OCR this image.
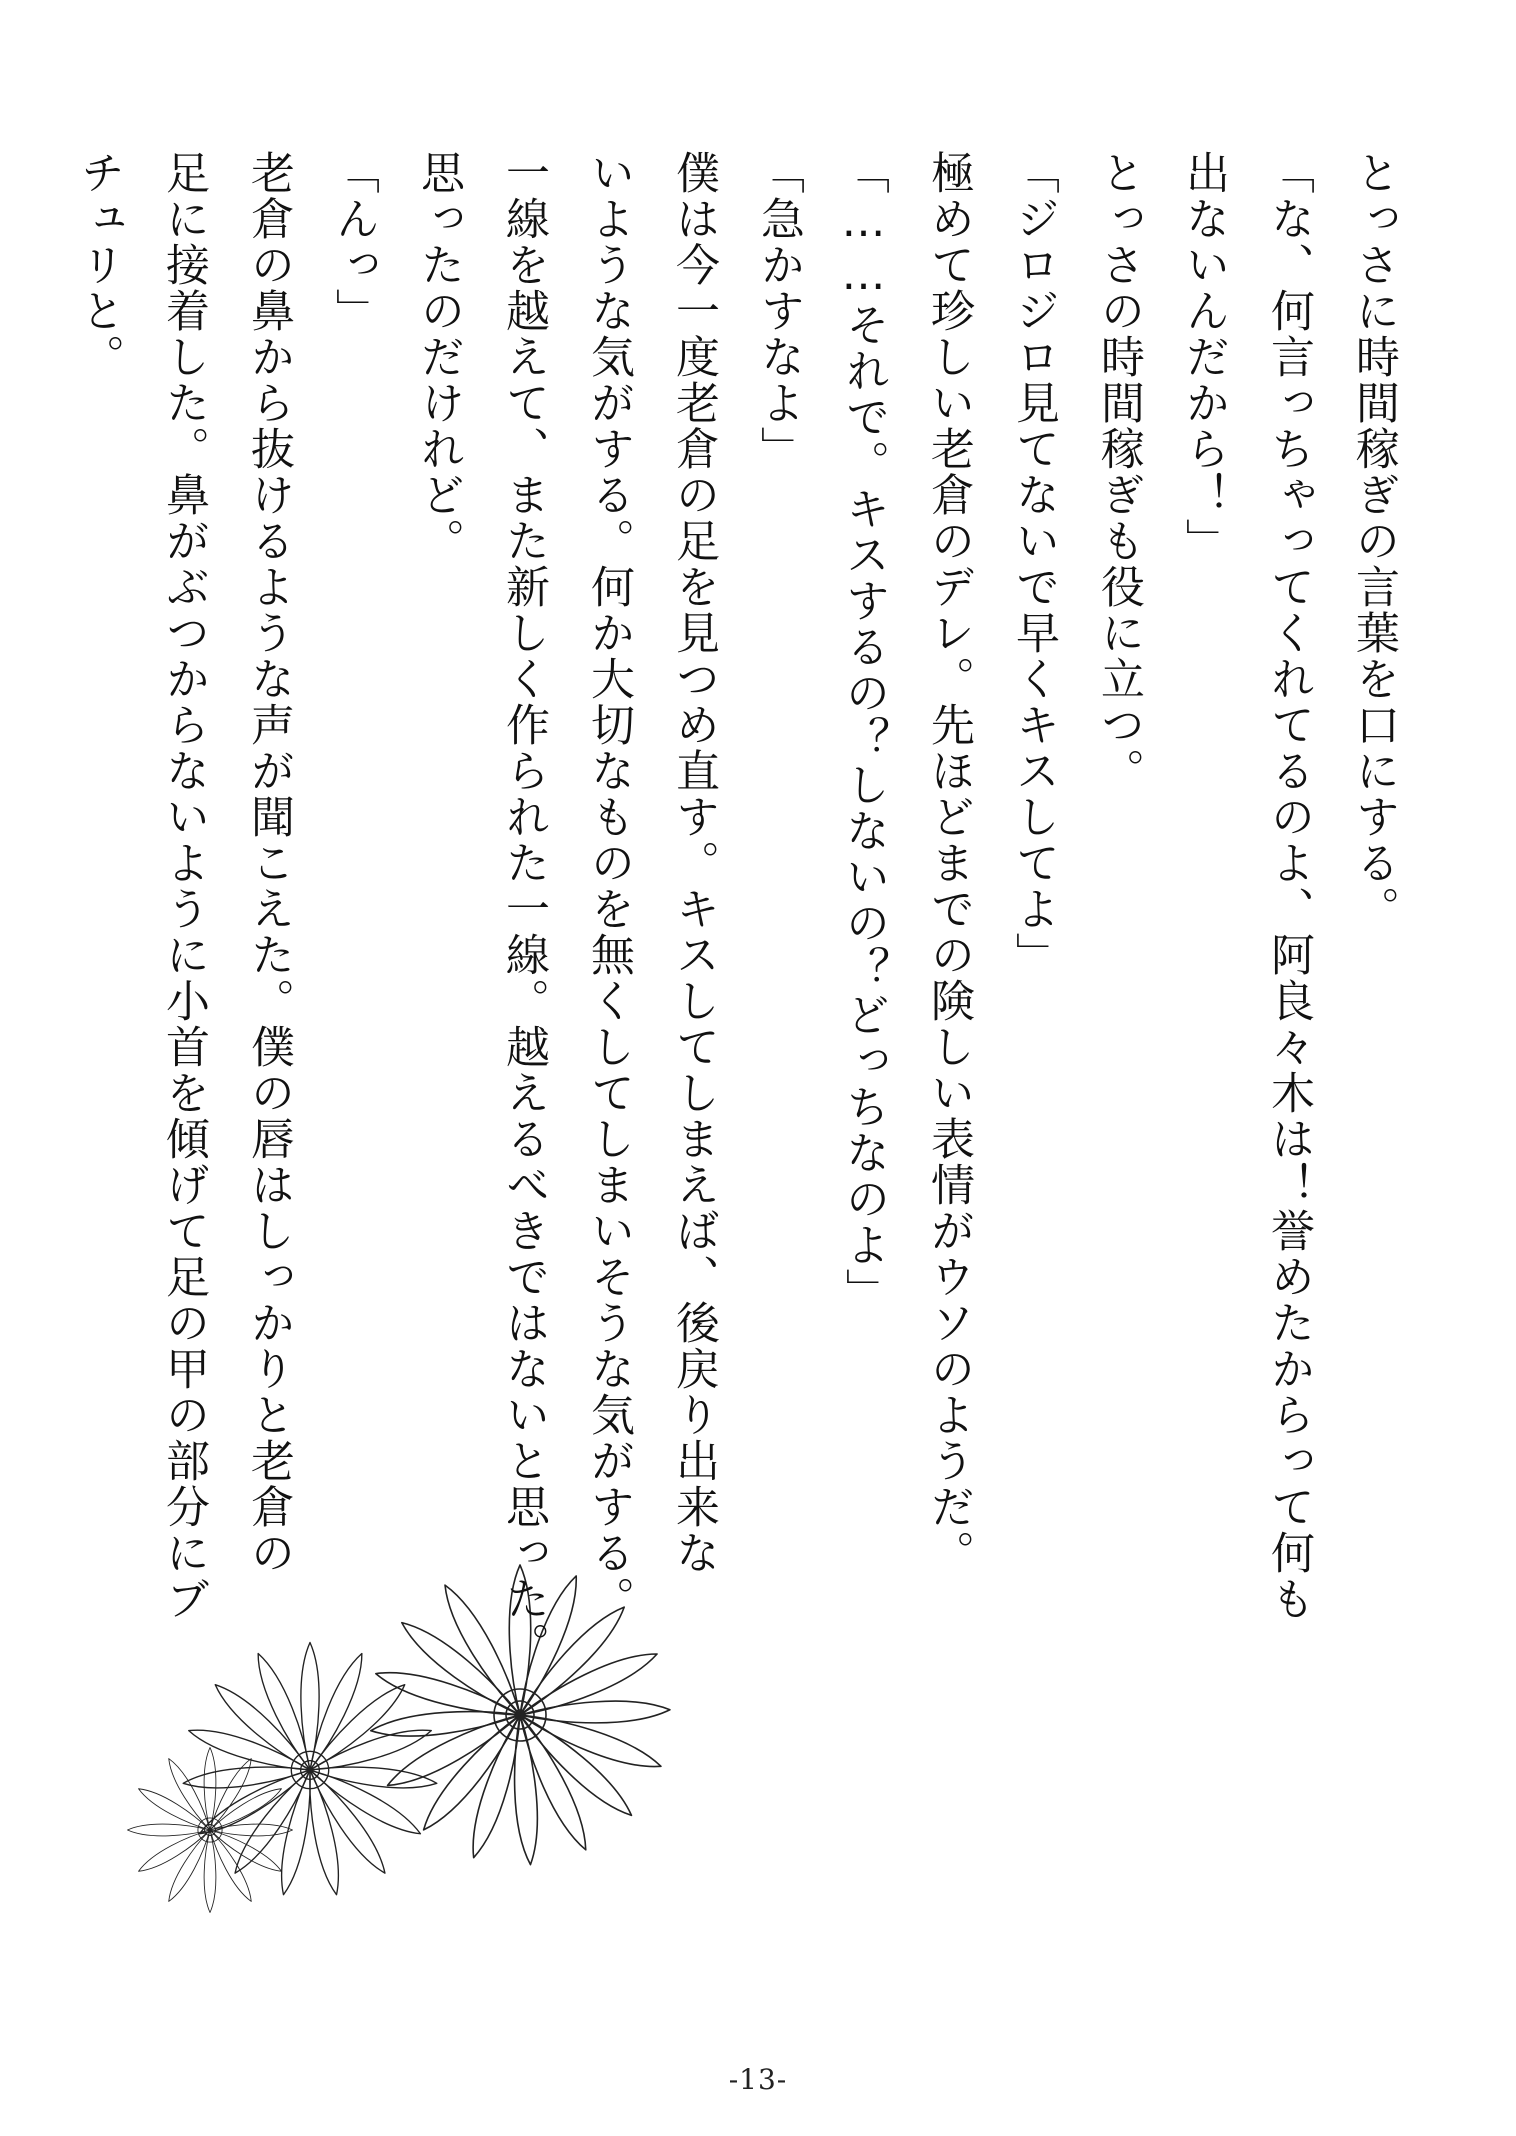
とっさに時間稼ぎの言葉を口にする。

「な、何言っちゃってくれてるのよ、阿良々木は！誉めたからって何も

出ないんだから！」

とっさの時間稼ぎも役に立つ。

「ジロジロ見てないで早くキスしてよ」

極めて珍しい老倉のデレ。先ほどまでの険しい表情がウソのようだ。

「……それで。キスするの？しないの？どっちなのよ」

「急かすなよ」

僕は今一度老倉の足を見つめ直す。キスしてしまえば、後戻り出来な

いような気がする。何か大切なものを無くしてしまいそうな気がする。

一線を越えて、また新しく作られた一線。越えるべきではないと思った。

思ったのだけれど。

「んっ」

老倉の鼻から抜けるような声が聞こえた。僕の唇はしっかりと老倉の

足に接着した。鼻がぶつからないように小首を傾げて足の甲の部分にブ

チュリと。

-13-
